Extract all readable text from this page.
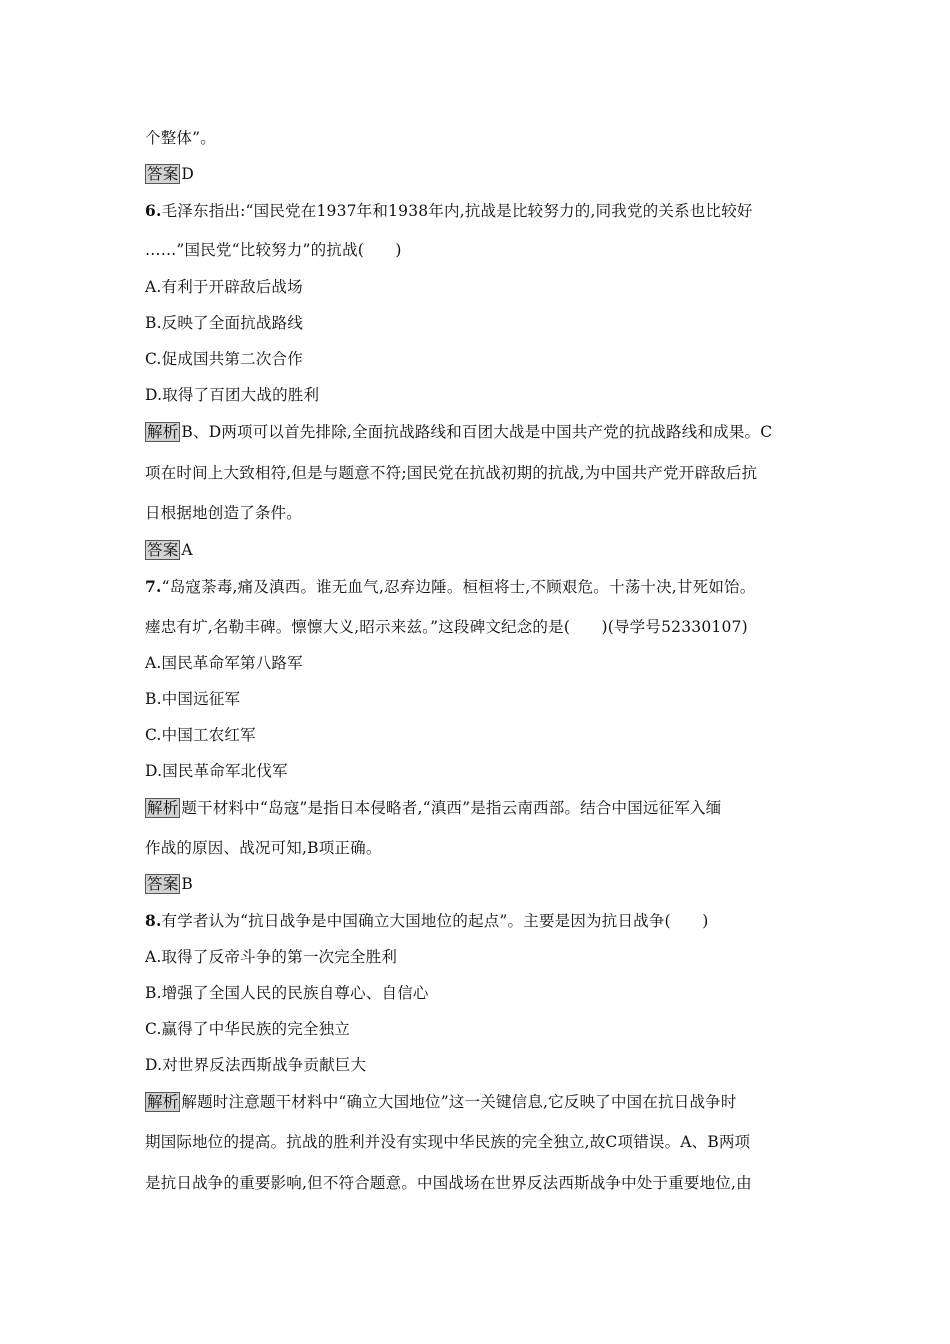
个整体”。
答案 D
6.毛泽东指出:“国民党在1937年和1938年内,抗战是比较努力的,同我党的关系也比较好
……”国民党“比较努力”的抗战(　　)
A.有利于开辟敌后战场
B.反映了全面抗战路线
C.促成国共第二次合作
D.取得了百团大战的胜利
解析 B、D两项可以首先排除,全面抗战路线和百团大战是中国共产党的抗战路线和成果。C
项在时间上大致相符,但是与题意不符;国民党在抗战初期的抗战,为中国共产党开辟敌后抗
日根据地创造了条件。
答案 A
7.“岛寇荼毒,痛及滇西。谁无血气,忍弃边陲。桓桓将士,不顾艰危。十荡十决,甘死如饴。
瘗忠有圹,名勒丰碑。懔懔大义,昭示来兹。”这段碑文纪念的是(　　)(导学号52330107)
A.国民革命军第八路军
B.中国远征军
C.中国工农红军
D.国民革命军北伐军
解析 题干材料中“岛寇”是指日本侵略者,“滇西”是指云南西部。结合中国远征军入缅
作战的原因、战况可知,B项正确。
答案 B
8.有学者认为“抗日战争是中国确立大国地位的起点”。主要是因为抗日战争(　　)
A.取得了反帝斗争的第一次完全胜利
B.增强了全国人民的民族自尊心、自信心
C.赢得了中华民族的完全独立
D.对世界反法西斯战争贡献巨大
解析 解题时注意题干材料中“确立大国地位”这一关键信息,它反映了中国在抗日战争时
期国际地位的提高。抗战的胜利并没有实现中华民族的完全独立,故C项错误。A、B两项
是抗日战争的重要影响,但不符合题意。中国战场在世界反法西斯战争中处于重要地位,由
